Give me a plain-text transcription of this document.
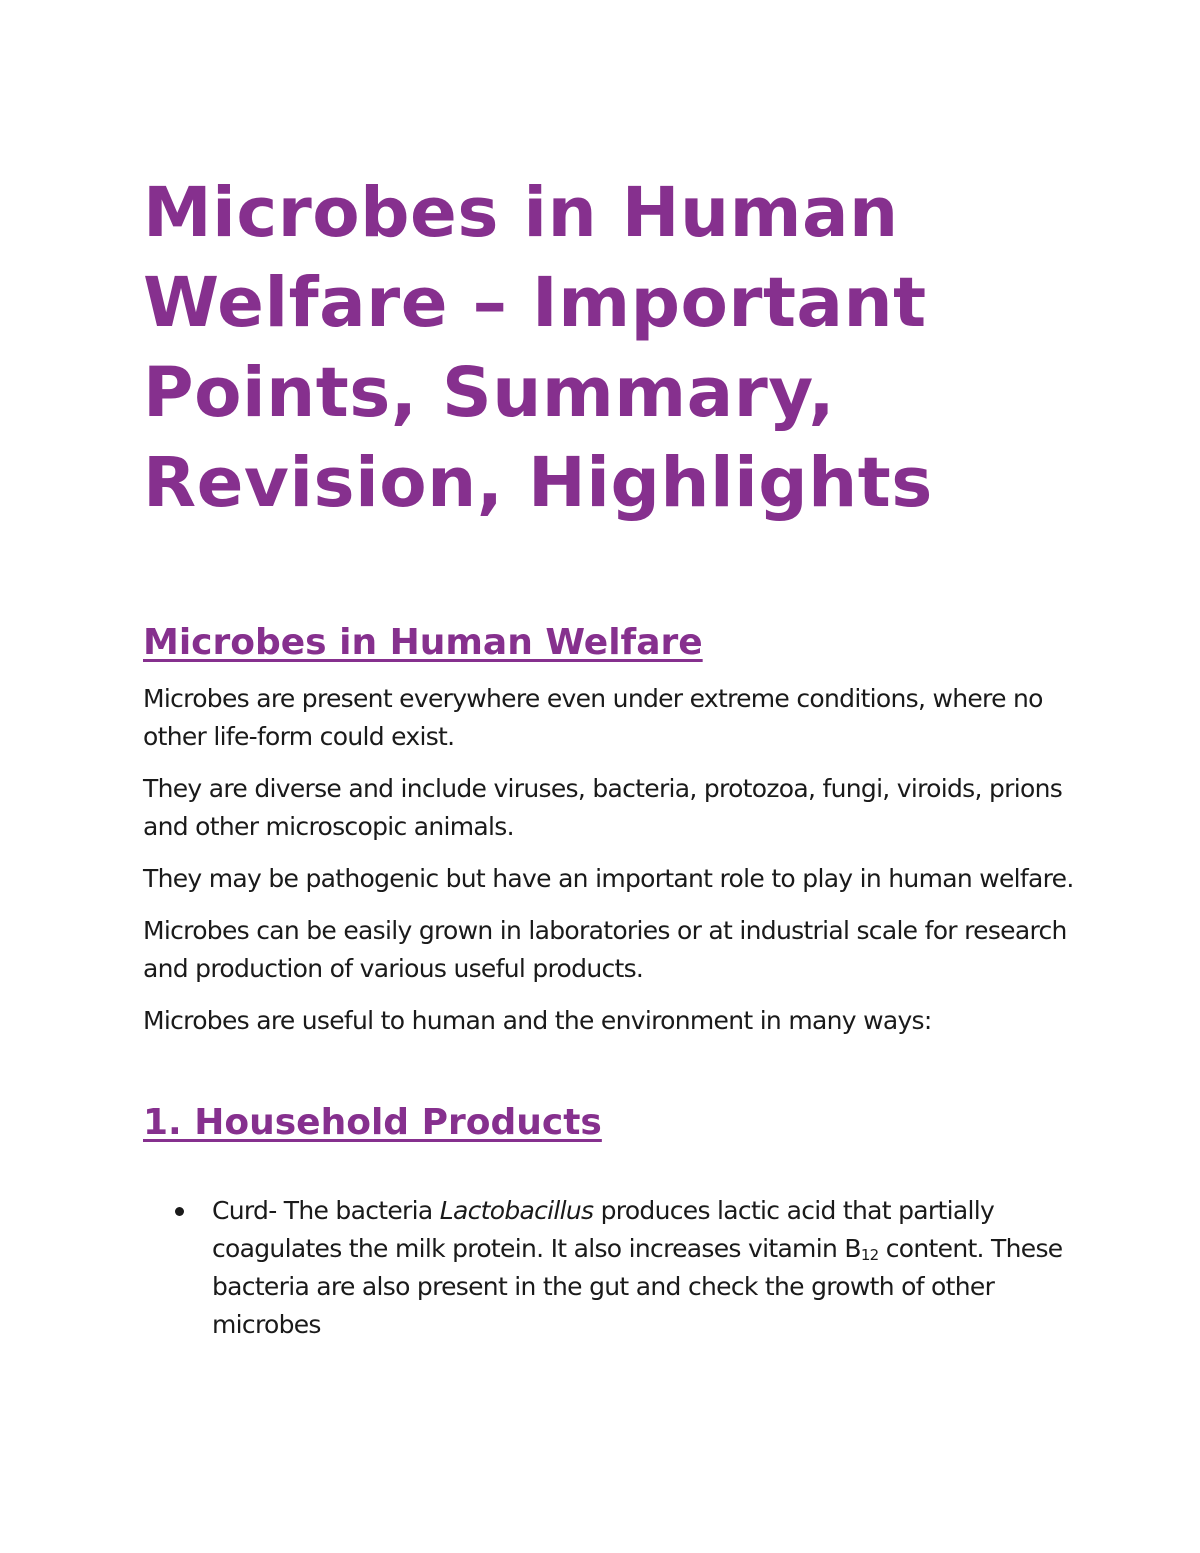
Microbes in Human Welfare – Important Points, Summary, Revision, Highlights
Microbes in Human Welfare

Microbes are present everywhere even under extreme conditions, where no other life-form could exist.

They are diverse and include viruses, bacteria, protozoa, fungi, viroids, prions and other microscopic animals.

They may be pathogenic but have an important role to play in human welfare.

Microbes can be easily grown in laboratories or at industrial scale for research and production of various useful products.

Microbes are useful to human and the environment in many ways:

1. Household Products
Curd- The bacteria Lactobacillus produces lactic acid that partially coagulates the milk protein. It also increases vitamin $B_{12}$ content. These bacteria are also present in the gut and check the growth of other microbes
